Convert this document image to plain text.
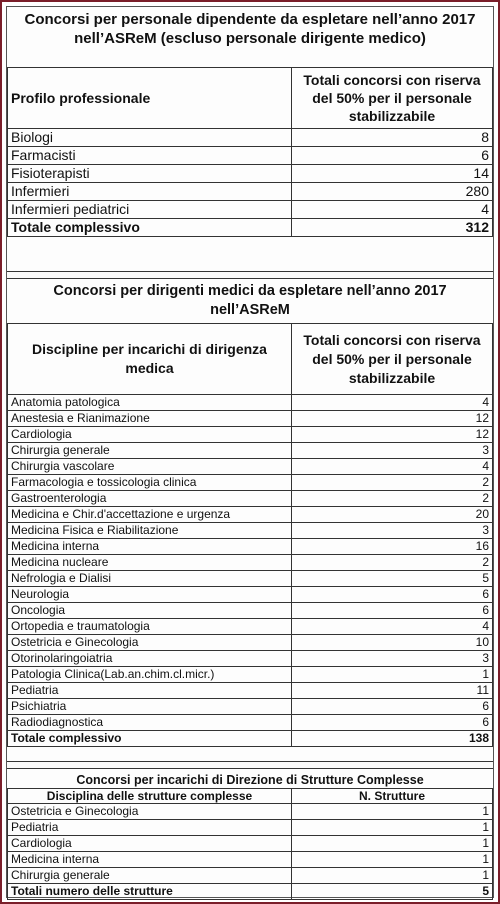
Concorsi per personale dipendente da espletare nell’anno 2017
nell’ASReM (escluso personale dirigente medico)
Profilo professionale	Totali concorsi con riserva del 50% per il personale stabilizzabile
Biologi	8
Farmacisti	6
Fisioterapisti	14
Infermieri	280
Infermieri pediatrici	4
Totale complessivo	312
Concorsi per dirigenti medici da espletare nell’anno 2017
nell’ASReM
Discipline per incarichi di dirigenza medica	Totali concorsi con riserva del 50% per il personale stabilizzabile
Anatomia patologica	4
Anestesia e Rianimazione	12
Cardiologia	12
Chirurgia generale	3
Chirurgia vascolare	4
Farmacologia e tossicologia clinica	2
Gastroenterologia	2
Medicina e Chir.d'accettazione e urgenza	20
Medicina Fisica e Riabilitazione	3
Medicina interna	16
Medicina nucleare	2
Nefrologia e Dialisi	5
Neurologia	6
Oncologia	6
Ortopedia e traumatologia	4
Ostetricia e Ginecologia	10
Otorinolaringoiatria	3
Patologia Clinica(Lab.an.chim.cl.micr.)	1
Pediatria	11
Psichiatria	6
Radiodiagnostica	6
Totale complessivo	138
Concorsi per incarichi di Direzione di Strutture Complesse
Disciplina delle strutture complesse	N. Strutture
Ostetricia e Ginecologia	1
Pediatria	1
Cardiologia	1
Medicina interna	1
Chirurgia generale	1
Totali numero delle strutture	5
